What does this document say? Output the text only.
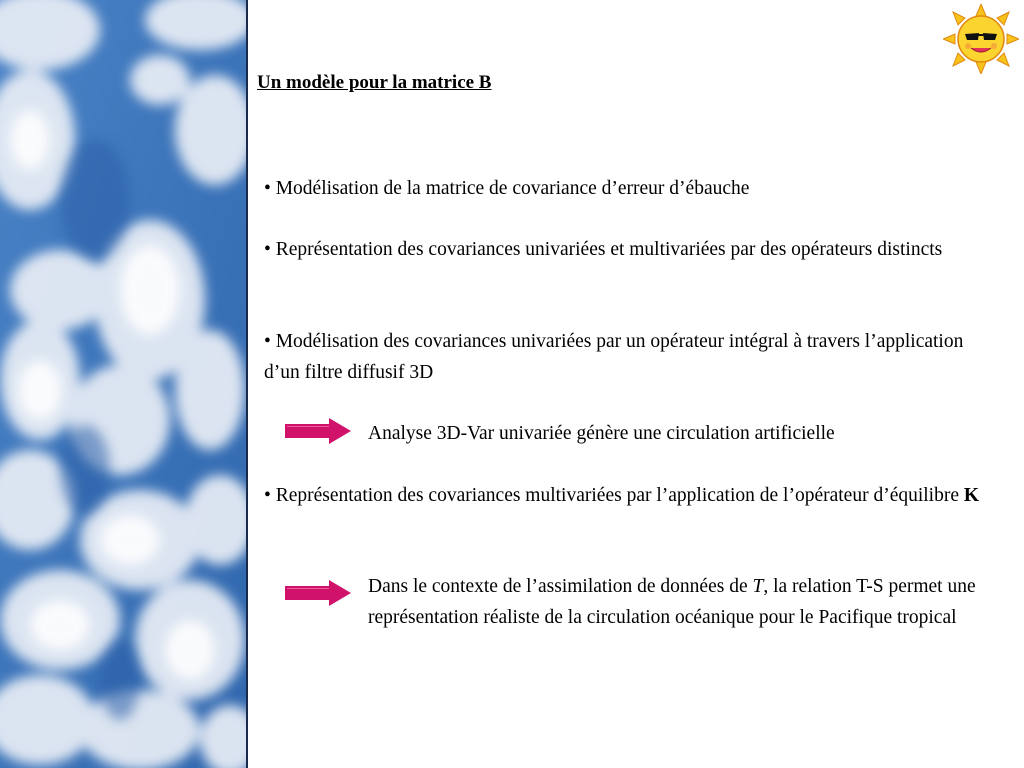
Un modèle pour la matrice B
• Modélisation de la matrice de covariance d’erreur d’ébauche
• Représentation des covariances univariées et multivariées par des opérateurs distincts
• Modélisation des covariances univariées par un opérateur intégral à travers l’application d’un filtre diffusif 3D
Analyse 3D-Var univariée génère une circulation artificielle
• Représentation des covariances multivariées par l’application de l’opérateur d’équilibre K
Dans le contexte de l’assimilation de données de T, la relation T-S permet une représentation réaliste de la circulation océanique pour le Pacifique tropical
